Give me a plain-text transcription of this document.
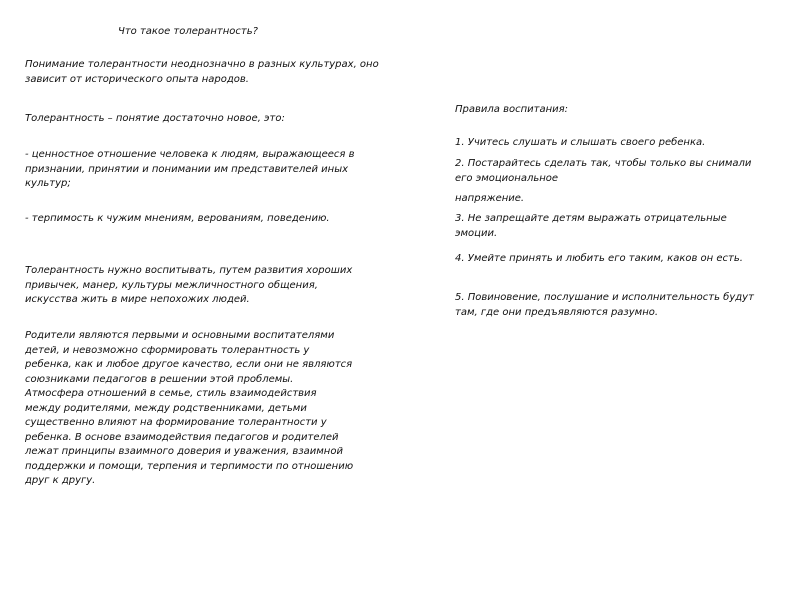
Что такое толерантность?

Понимание толерантности неоднозначно в разных культурах, оно зависит от исторического опыта народов.

Толерантность – понятие достаточно новое, это:

- ценностное отношение человека к людям, выражающееся в признании, принятии и понимании им представителей иных культур;

- терпимость к чужим мнениям, верованиям, поведению.

Толерантность нужно воспитывать, путем развития хороших привычек, манер, культуры межличностного общения, искусства жить в мире непохожих людей.

Родители являются первыми и основными воспитателями детей, и невозможно сформировать толерантность у ребенка, как и любое другое качество, если они не являются союзниками педагогов в решении этой проблемы. Атмосфера отношений в семье, стиль взаимодействия между родителями, между родственниками, детьми существенно влияют на формирование толерантности у ребенка. В основе взаимодействия педагогов и родителей лежат принципы взаимного доверия и уважения, взаимной поддержки и помощи, терпения и терпимости по отношению друг к другу.

Правила воспитания:

1. Учитесь слушать и слышать своего ребенка.

2. Постарайтесь сделать так, чтобы только вы снимали его эмоциональное

напряжение.

3. Не запрещайте детям выражать отрицательные эмоции.

4. Умейте принять и любить его таким, каков он есть.

5. Повиновение, послушание и исполнительность будут там, где они предъявляются разумно.
